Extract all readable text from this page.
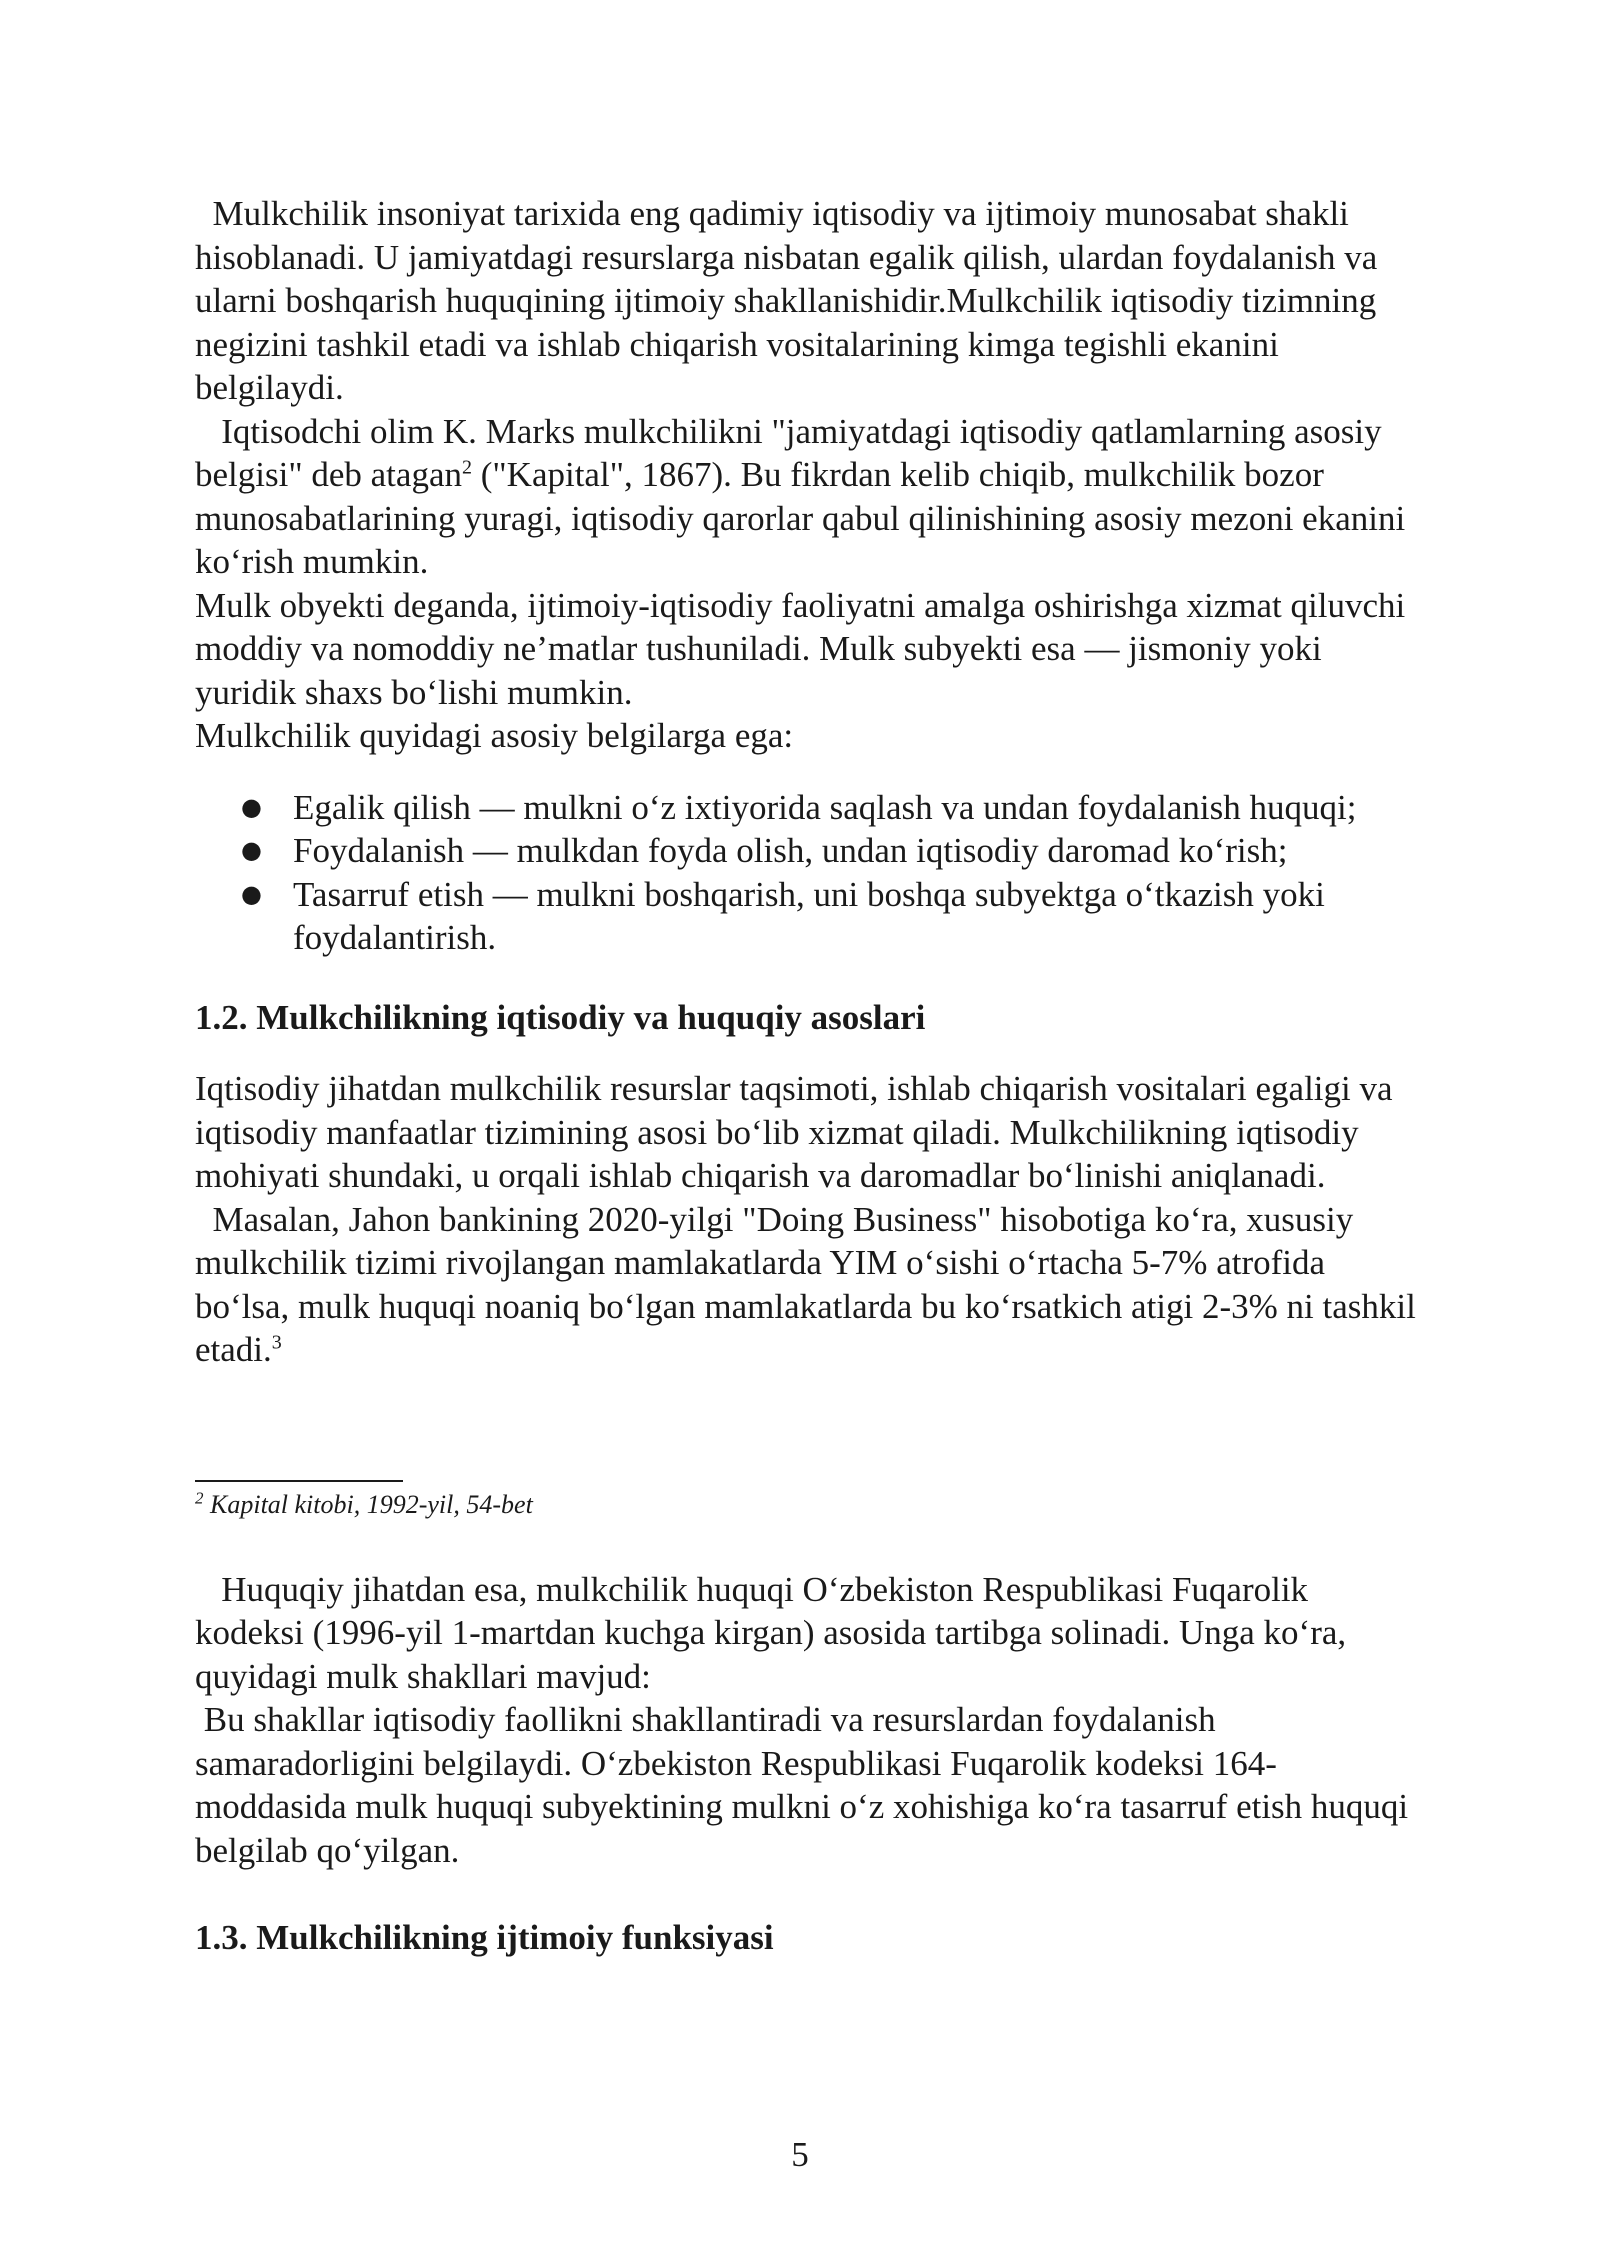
Mulkchilik insoniyat tarixida eng qadimiy iqtisodiy va ijtimoiy munosabat shakli hisoblanadi. U jamiyatdagi resurslarga nisbatan egalik qilish, ulardan foydalanish va ularni boshqarish huquqining ijtimoiy shakllanishidir.Mulkchilik iqtisodiy tizimning negizini tashkil etadi va ishlab chiqarish vositalarining kimga tegishli ekanini belgilaydi.

Iqtisodchi olim K. Marks mulkchilikni "jamiyatdagi iqtisodiy qatlamlarning asosiy belgisi" deb atagan$^2$ ("Kapital", 1867). Bu fikrdan kelib chiqib, mulkchilik bozor munosabatlarining yuragi, iqtisodiy qarorlar qabul qilinishining asosiy mezoni ekanini ko‘rish mumkin.

Mulk obyekti deganda, ijtimoiy-iqtisodiy faoliyatni amalga oshirishga xizmat qiluvchi moddiy va nomoddiy ne’matlar tushuniladi. Mulk subyekti esa — jismoniy yoki yuridik shaxs bo‘lishi mumkin.

Mulkchilik quyidagi asosiy belgilarga ega:

● Egalik qilish — mulkni o‘z ixtiyorida saqlash va undan foydalanish huquqi;
● Foydalanish — mulkdan foyda olish, undan iqtisodiy daromad ko‘rish;
● Tasarruf etish — mulkni boshqarish, uni boshqa subyektga o‘tkazish yoki foydalantirish.
1.2. Mulkchilikning iqtisodiy va huquqiy asoslari

Iqtisodiy jihatdan mulkchilik resurslar taqsimoti, ishlab chiqarish vositalari egaligi va iqtisodiy manfaatlar tizimining asosi bo‘lib xizmat qiladi. Mulkchilikning iqtisodiy mohiyati shundaki, u orqali ishlab chiqarish va daromadlar bo‘linishi aniqlanadi.

Masalan, Jahon bankining 2020-yilgi "Doing Business" hisobotiga ko‘ra, xususiy mulkchilik tizimi rivojlangan mamlakatlarda YIM o‘sishi o‘rtacha 5-7% atrofida bo‘lsa, mulk huquqi noaniq bo‘lgan mamlakatlarda bu ko‘rsatkich atigi 2-3% ni tashkil etadi.$^3$

$^2$ Kapital kitobi, 1992-yil, 54-bet

Huquqiy jihatdan esa, mulkchilik huquqi O‘zbekiston Respublikasi Fuqarolik kodeksi (1996-yil 1-martdan kuchga kirgan) asosida tartibga solinadi. Unga ko‘ra, quyidagi mulk shakllari mavjud:

Bu shakllar iqtisodiy faollikni shakllantiradi va resurslardan foydalanish samaradorligini belgilaydi. O‘zbekiston Respublikasi Fuqarolik kodeksi 164-moddasida mulk huquqi subyektining mulkni o‘z xohishiga ko‘ra tasarruf etish huquqi belgilab qo‘yilgan.

1.3. Mulkchilikning ijtimoiy funksiyasi
5
